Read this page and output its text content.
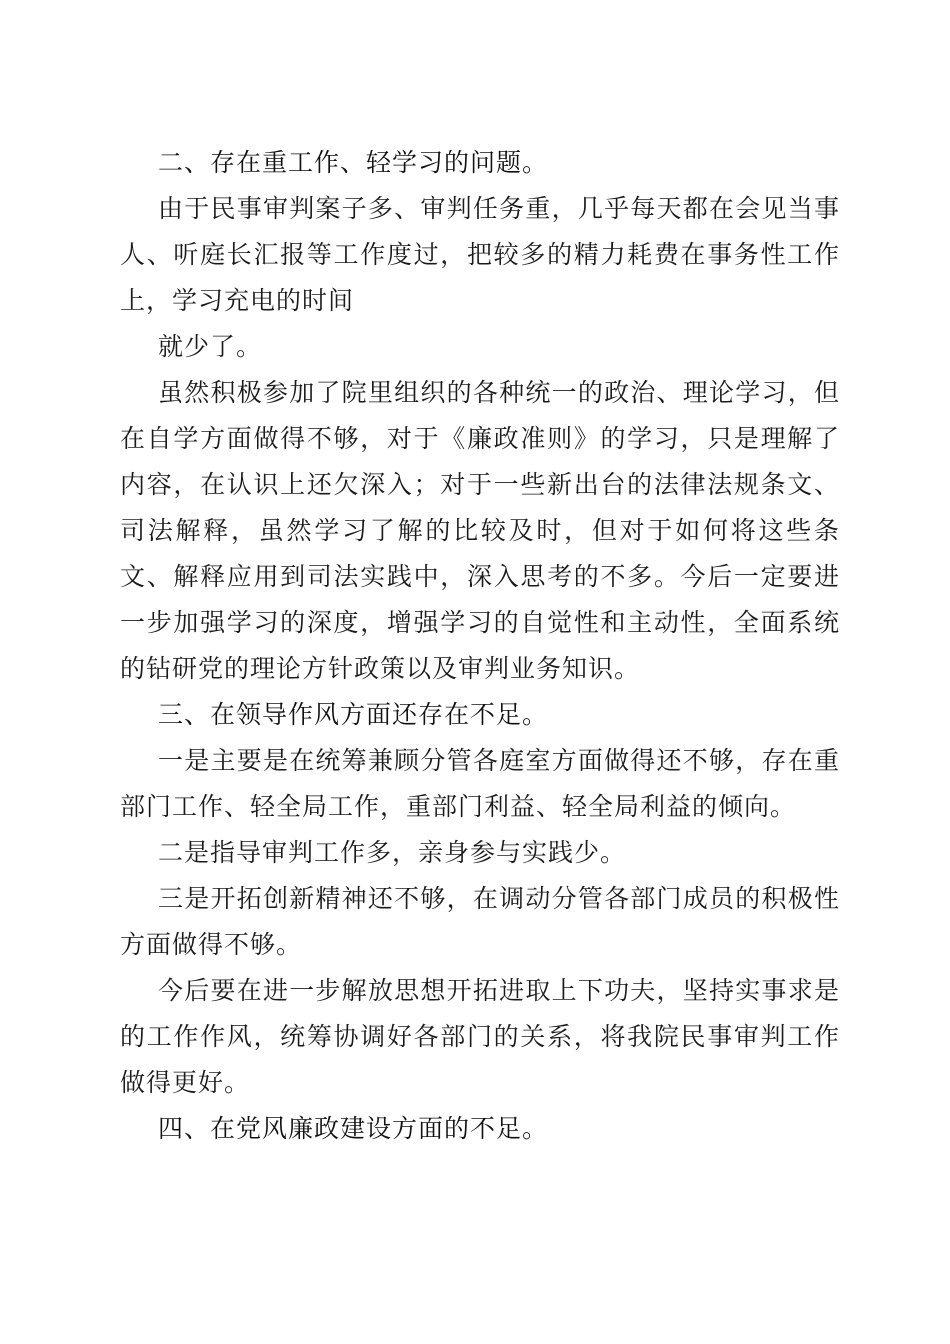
二、存在重工作、轻学习的问题。

由于民事审判案子多、审判任务重，几乎每天都在会见当事人、听庭长汇报等工作度过，把较多的精力耗费在事务性工作上，学习充电的时间

就少了。

虽然积极参加了院里组织的各种统一的政治、理论学习，但在自学方面做得不够，对于《廉政准则》的学习，只是理解了内容，在认识上还欠深入；对于一些新出台的法律法规条文、司法解释，虽然学习了解的比较及时，但对于如何将这些条文、解释应用到司法实践中，深入思考的不多。今后一定要进一步加强学习的深度，增强学习的自觉性和主动性，全面系统的钻研党的理论方针政策以及审判业务知识。

三、在领导作风方面还存在不足。

一是主要是在统筹兼顾分管各庭室方面做得还不够，存在重部门工作、轻全局工作，重部门利益、轻全局利益的倾向。

二是指导审判工作多，亲身参与实践少。

三是开拓创新精神还不够，在调动分管各部门成员的积极性方面做得不够。

今后要在进一步解放思想开拓进取上下功夫，坚持实事求是的工作作风，统筹协调好各部门的关系，将我院民事审判工作做得更好。

四、在党风廉政建设方面的不足。
